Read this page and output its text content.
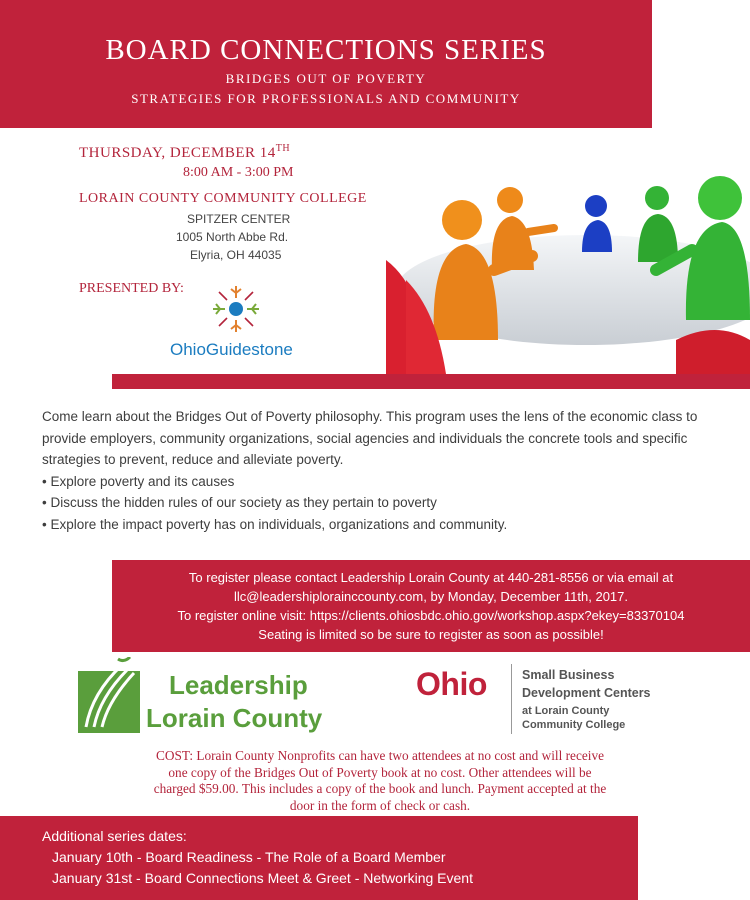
BOARD CONNECTIONS SERIES
BRIDGES OUT OF POVERTY
STRATEGIES FOR PROFESSIONALS AND COMMUNITY
THURSDAY, DECEMBER 14TH
8:00 AM - 3:00 PM
LORAIN COUNTY COMMUNITY COLLEGE
SPITZER CENTER
1005 North Abbe Rd.
Elyria, OH 44035
PRESENTED BY:
OhioGuidestone
Come learn about the Bridges Out of Poverty philosophy. This program uses the lens of the economic class to provide employers, community organizations, social agencies and individuals the concrete tools and specific strategies to prevent, reduce and alleviate poverty.
• Explore poverty and its causes
• Discuss the hidden rules of our society as they pertain to poverty
• Explore the impact poverty has on individuals, organizations and community.
To register please contact Leadership Lorain County at 440-281-8556 or via email at
llc@leadershiplorainccounty.com, by Monday, December 11th, 2017.
To register online visit: https://clients.ohiosbdc.ohio.gov/workshop.aspx?ekey=83370104
Seating is limited so be sure to register as soon as possible!
Leadership
Lorain County
Ohio	Small Business
Development Centers
at Lorain County
Community College
COST: Lorain County Nonprofits can have two attendees at no cost and will receive
one copy of the Bridges Out of Poverty book at no cost. Other attendees will be
charged $59.00. This includes a copy of the book and lunch. Payment accepted at the
door in the form of check or cash.
Additional series dates:
January 10th - Board Readiness - The Role of a Board Member
January 31st - Board Connections Meet & Greet - Networking Event
